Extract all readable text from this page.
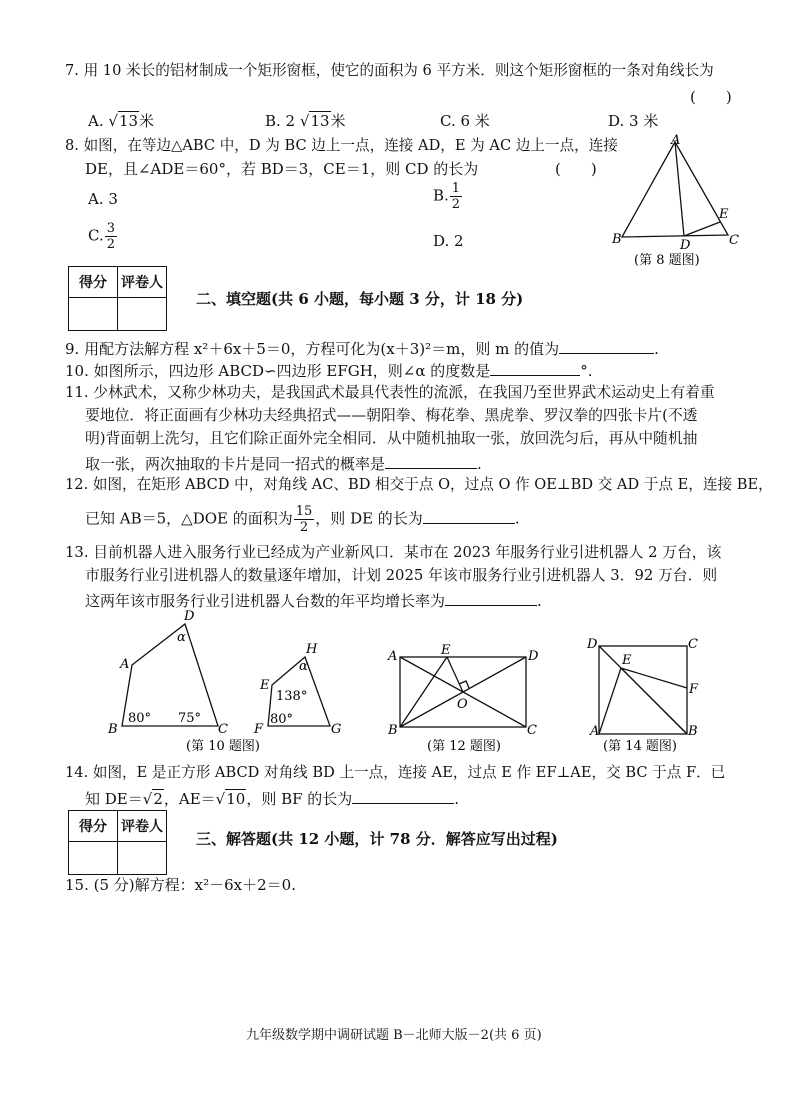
7. 用 10 米长的铝材制成一个矩形窗框，使它的面积为 6 平方米．则这个矩形窗框的一条对角线长为
(　　)
A. √13米	B. 2 √13米	C. 6 米	D. 3 米
8. 如图，在等边△ABC 中，D 为 BC 边上一点，连接 AD，E 为 AC 边上一点，连接
DE，且∠ADE＝60°，若 BD＝3，CE＝1，则 CD 的长为	(　　)
A. 3	B. $\frac{1}{2}$
C. $\frac{3}{2}$	D. 2
A
B	C
D
E
(第 8 题图)
得分	评卷人

二、填空题(共 6 小题，每小题 3 分，计 18 分)
9. 用配方法解方程 x²＋6x＋5＝0，方程可化为(x＋3)²＝m，则 m 的值为	.
10. 如图所示，四边形 ABCD∽四边形 EFGH，则∠α 的度数是	°.
11. 少林武术，又称少林功夫，是我国武术最具代表性的流派，在我国乃至世界武术运动史上有着重
要地位．将正面画有少林功夫经典招式——朝阳拳、梅花拳、黑虎拳、罗汉拳的四张卡片(不透
明)背面朝上洗匀，且它们除正面外完全相同．从中随机抽取一张，放回洗匀后，再从中随机抽
取一张，两次抽取的卡片是同一招式的概率是	.
12. 如图，在矩形 ABCD 中，对角线 AC、BD 相交于点 O，过点 O 作 OE⊥BD 交 AD 于点 E，连接 BE，
已知 AB＝5，△DOE 的面积为 $\frac{15}{2}$ ，则 DE 的长为	.
13. 目前机器人进入服务行业已经成为产业新风口．某市在 2023 年服务行业引进机器人 2 万台，该
市服务行业引进机器人的数量逐年增加，计划 2025 年该市服务行业引进机器人 3．92 万台．则
这两年该市服务行业引进机器人台数的年平均增长率为	.
D
α
A
B	C
80° 75°
H
α
E
138°
F
80°
G
(第 10 题图)
A
B	C
D
E
O
(第 12 题图)
D	C
E
F
A	B
(第 14 题图)
14. 如图，E 是正方形 ABCD 对角线 BD 上一点，连接 AE，过点 E 作 EF⊥AE，交 BC 于点 F．已
知 DE＝√2，AE＝√10，则 BF 的长为	.
得分	评卷人

三、解答题(共 12 小题，计 78 分．解答应写出过程)
15. (5 分)解方程：x²－6x＋2＝0.
九年级数学期中调研试题 B－北师大版－2(共 6 页)
